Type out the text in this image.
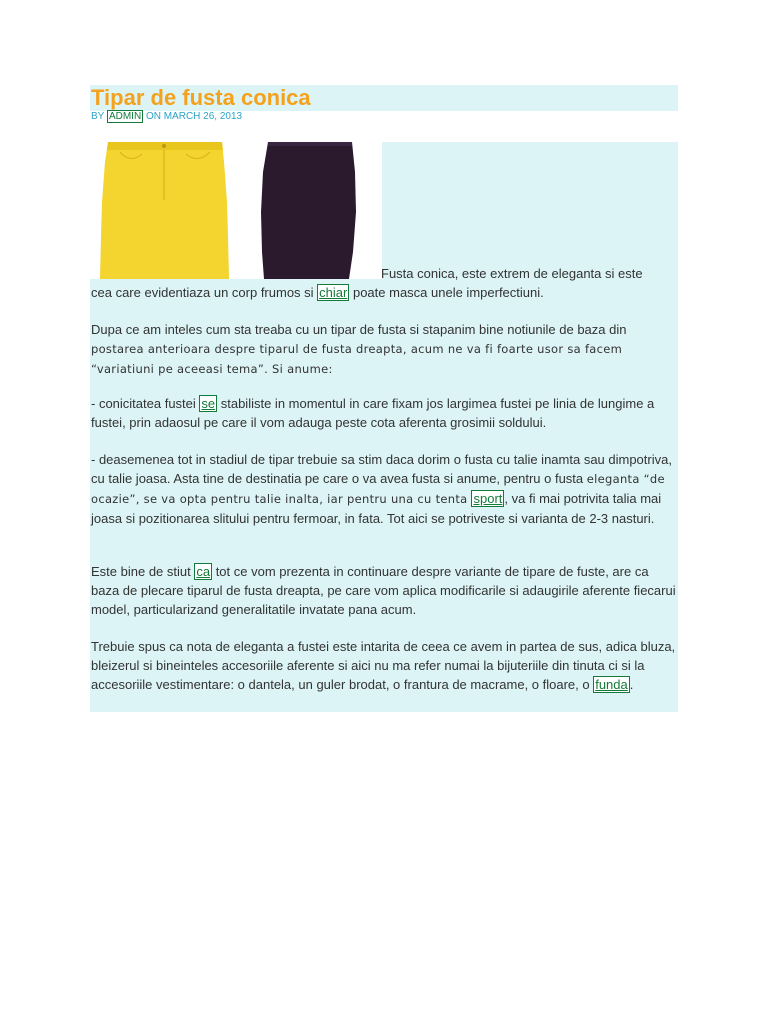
Tipar de fusta conica
BY ADMIN ON MARCH 26, 2013
Fusta conica, este extrem de eleganta si este

cea care evidentiaza un corp frumos si chiar poate masca unele imperfectiuni.

Dupa ce am inteles cum sta treaba cu un tipar de fusta si stapanim bine notiunile de baza din
postarea anterioara despre tiparul de fusta dreapta, acum ne va fi foarte usor sa facem “variatiuni pe aceeasi tema”. Si anume:

- conicitatea fustei se stabiliste in momentul in care fixam jos largimea fustei pe linia de lungime a fustei, prin adaosul pe care il vom adauga peste cota aferenta grosimii soldului.

- deasemenea tot in stadiul de tipar trebuie sa stim daca dorim o fusta cu talie inamta sau dimpotriva, cu talie joasa. Asta tine de destinatia pe care o va avea fusta si anume, pentru o fusta eleganta “de ocazie”, se va opta pentru talie inalta, iar pentru una cu tenta sport , va fi mai potrivita talia mai joasa si pozitionarea slitului pentru fermoar, in fata. Tot aici se potriveste si varianta de 2-3 nasturi.

Este bine de stiut ca tot ce vom prezenta in continuare despre variante de tipare de fuste, are ca baza de plecare tiparul de fusta dreapta, pe care vom aplica modificarile si adaugirile aferente fiecarui model, particularizand generalitatile invatate pana acum.

Trebuie spus ca nota de eleganta a fustei este intarita de ceea ce avem in partea de sus, adica bluza, bleizerul si bineinteles accesoriile aferente si aici nu ma refer numai la bijuteriile din tinuta ci si la accesoriile vestimentare: o dantela, un guler brodat, o frantura de macrame, o floare, o funda .
